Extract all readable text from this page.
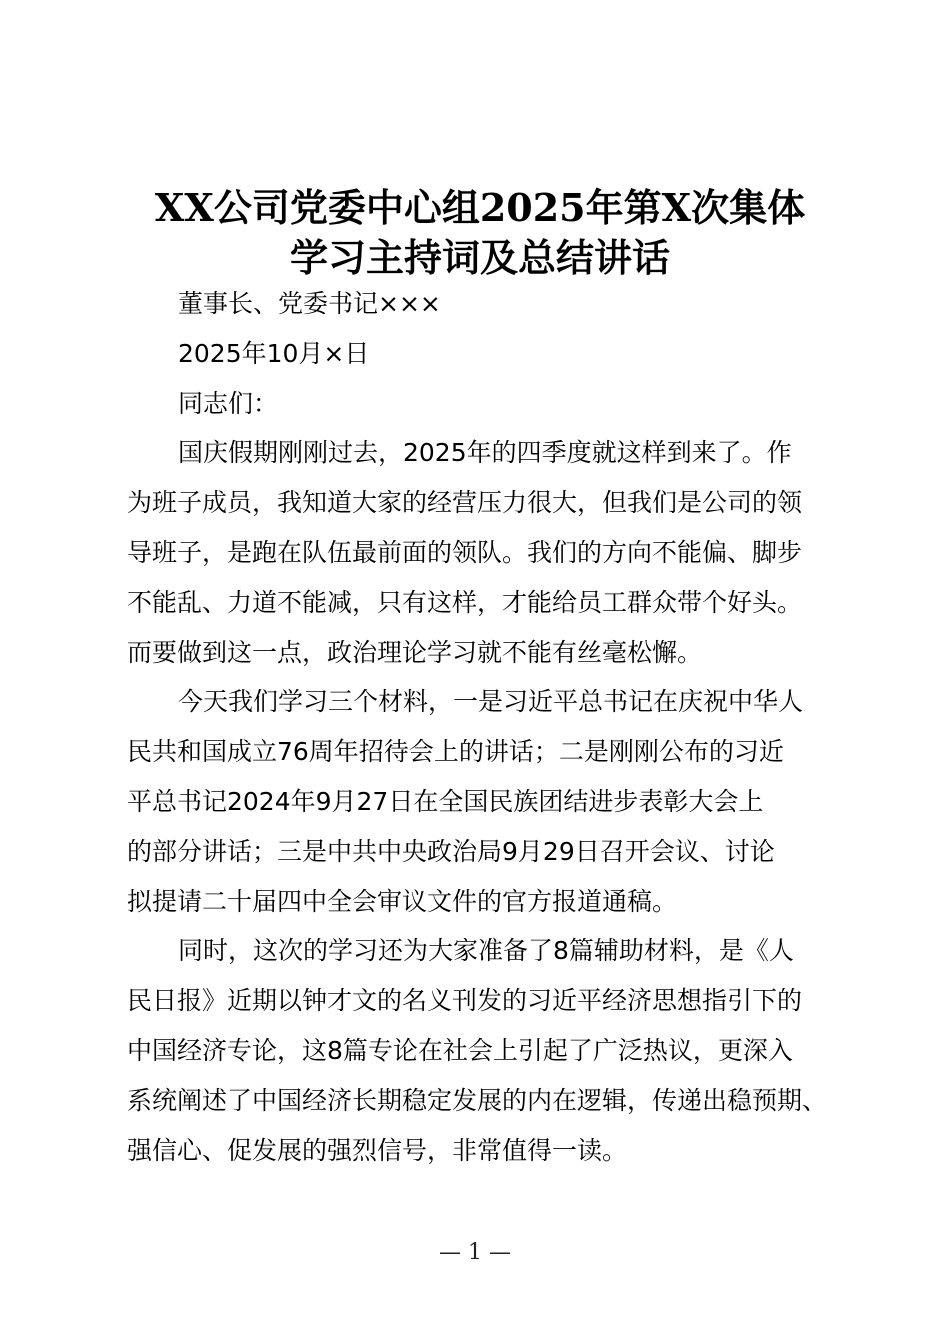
XX公司党委中心组2025年第X次集体
学习主持词及总结讲话

董事长、党委书记×××

2025年10月×日

同志们：

国庆假期刚刚过去，2025年的四季度就这样到来了。作

为班子成员，我知道大家的经营压力很大，但我们是公司的领

导班子，是跑在队伍最前面的领队。我们的方向不能偏、脚步

不能乱、力道不能减，只有这样，才能给员工群众带个好头。

而要做到这一点，政治理论学习就不能有丝毫松懈。

今天我们学习三个材料，一是习近平总书记在庆祝中华人

民共和国成立76周年招待会上的讲话；二是刚刚公布的习近

平总书记2024年9月27日在全国民族团结进步表彰大会上

的部分讲话；三是中共中央政治局9月29日召开会议、讨论

拟提请二十届四中全会审议文件的官方报道通稿。

同时，这次的学习还为大家准备了8篇辅助材料，是《人

民日报》近期以钟才文的名义刊发的习近平经济思想指引下的

中国经济专论，这8篇专论在社会上引起了广泛热议，更深入

系统阐述了中国经济长期稳定发展的内在逻辑，传递出稳预期、

强信心、促发展的强烈信号，非常值得一读。

— 1 —
